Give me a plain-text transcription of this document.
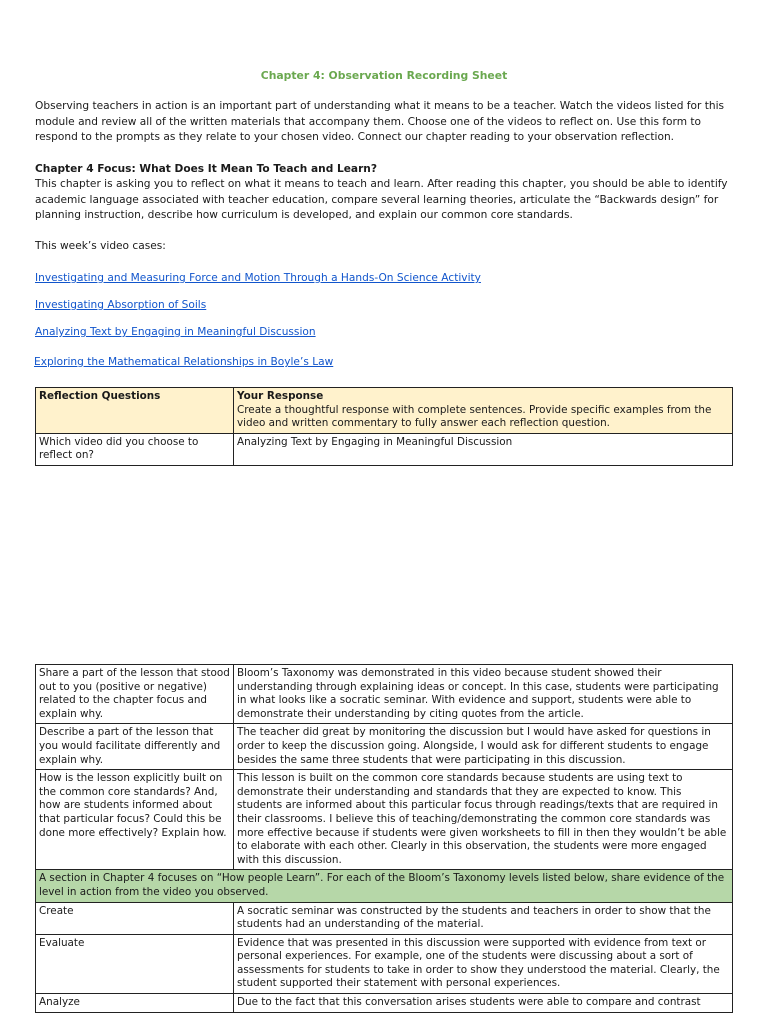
Chapter 4: Observation Recording Sheet
Observing teachers in action is an important part of understanding what it means to be a teacher. Watch the videos listed for this module and review all of the written materials that accompany them. Choose one of the videos to reflect on. Use this form to respond to the prompts as they relate to your chosen video. Connect our chapter reading to your observation reflection.
Chapter 4 Focus: What Does It Mean To Teach and Learn?
This chapter is asking you to reflect on what it means to teach and learn. After reading this chapter, you should be able to identify academic language associated with teacher education, compare several learning theories, articulate the “Backwards design” for planning instruction, describe how curriculum is developed, and explain our common core standards.
This week’s video cases:
Investigating and Measuring Force and Motion Through a Hands-On Science Activity
Investigating Absorption of Soils
Analyzing Text by Engaging in Meaningful Discussion
Exploring the Mathematical Relationships in Boyle’s Law
Reflection Questions	Your Response
Create a thoughtful response with complete sentences. Provide specific examples from the video and written commentary to fully answer each reflection question.
Which video did you choose to reflect on?	Analyzing Text by Engaging in Meaningful Discussion
Share a part of the lesson that stood out to you (positive or negative) related to the chapter focus and explain why.	Bloom’s Taxonomy was demonstrated in this video because student showed their understanding through explaining ideas or concept. In this case, students were participating in what looks like a socratic seminar. With evidence and support, students were able to demonstrate their understanding by citing quotes from the article.
Describe a part of the lesson that you would facilitate differently and explain why.	The teacher did great by monitoring the discussion but I would have asked for questions in order to keep the discussion going. Alongside, I would ask for different students to engage besides the same three students that were participating in this discussion.
How is the lesson explicitly built on the common core standards? And, how are students informed about that particular focus? Could this be done more effectively? Explain how.	This lesson is built on the common core standards because students are using text to demonstrate their understanding and standards that they are expected to know. This students are informed about this particular focus through readings/texts that are required in their classrooms. I believe this of teaching/demonstrating the common core standards was more effective because if students were given worksheets to fill in then they wouldn’t be able to elaborate with each other. Clearly in this observation, the students were more engaged with this discussion.
A section in Chapter 4 focuses on “How people Learn”. For each of the Bloom’s Taxonomy levels listed below, share evidence of the level in action from the video you observed.	
Create	A socratic seminar was constructed by the students and teachers in order to show that the students had an understanding of the material.
Evaluate	Evidence that was presented in this discussion were supported with evidence from text or personal experiences. For example, one of the students were discussing about a sort of assessments for students to take in order to show they understood the material. Clearly, the student supported their statement with personal experiences.
Analyze	Due to the fact that this conversation arises students were able to compare and contrast
